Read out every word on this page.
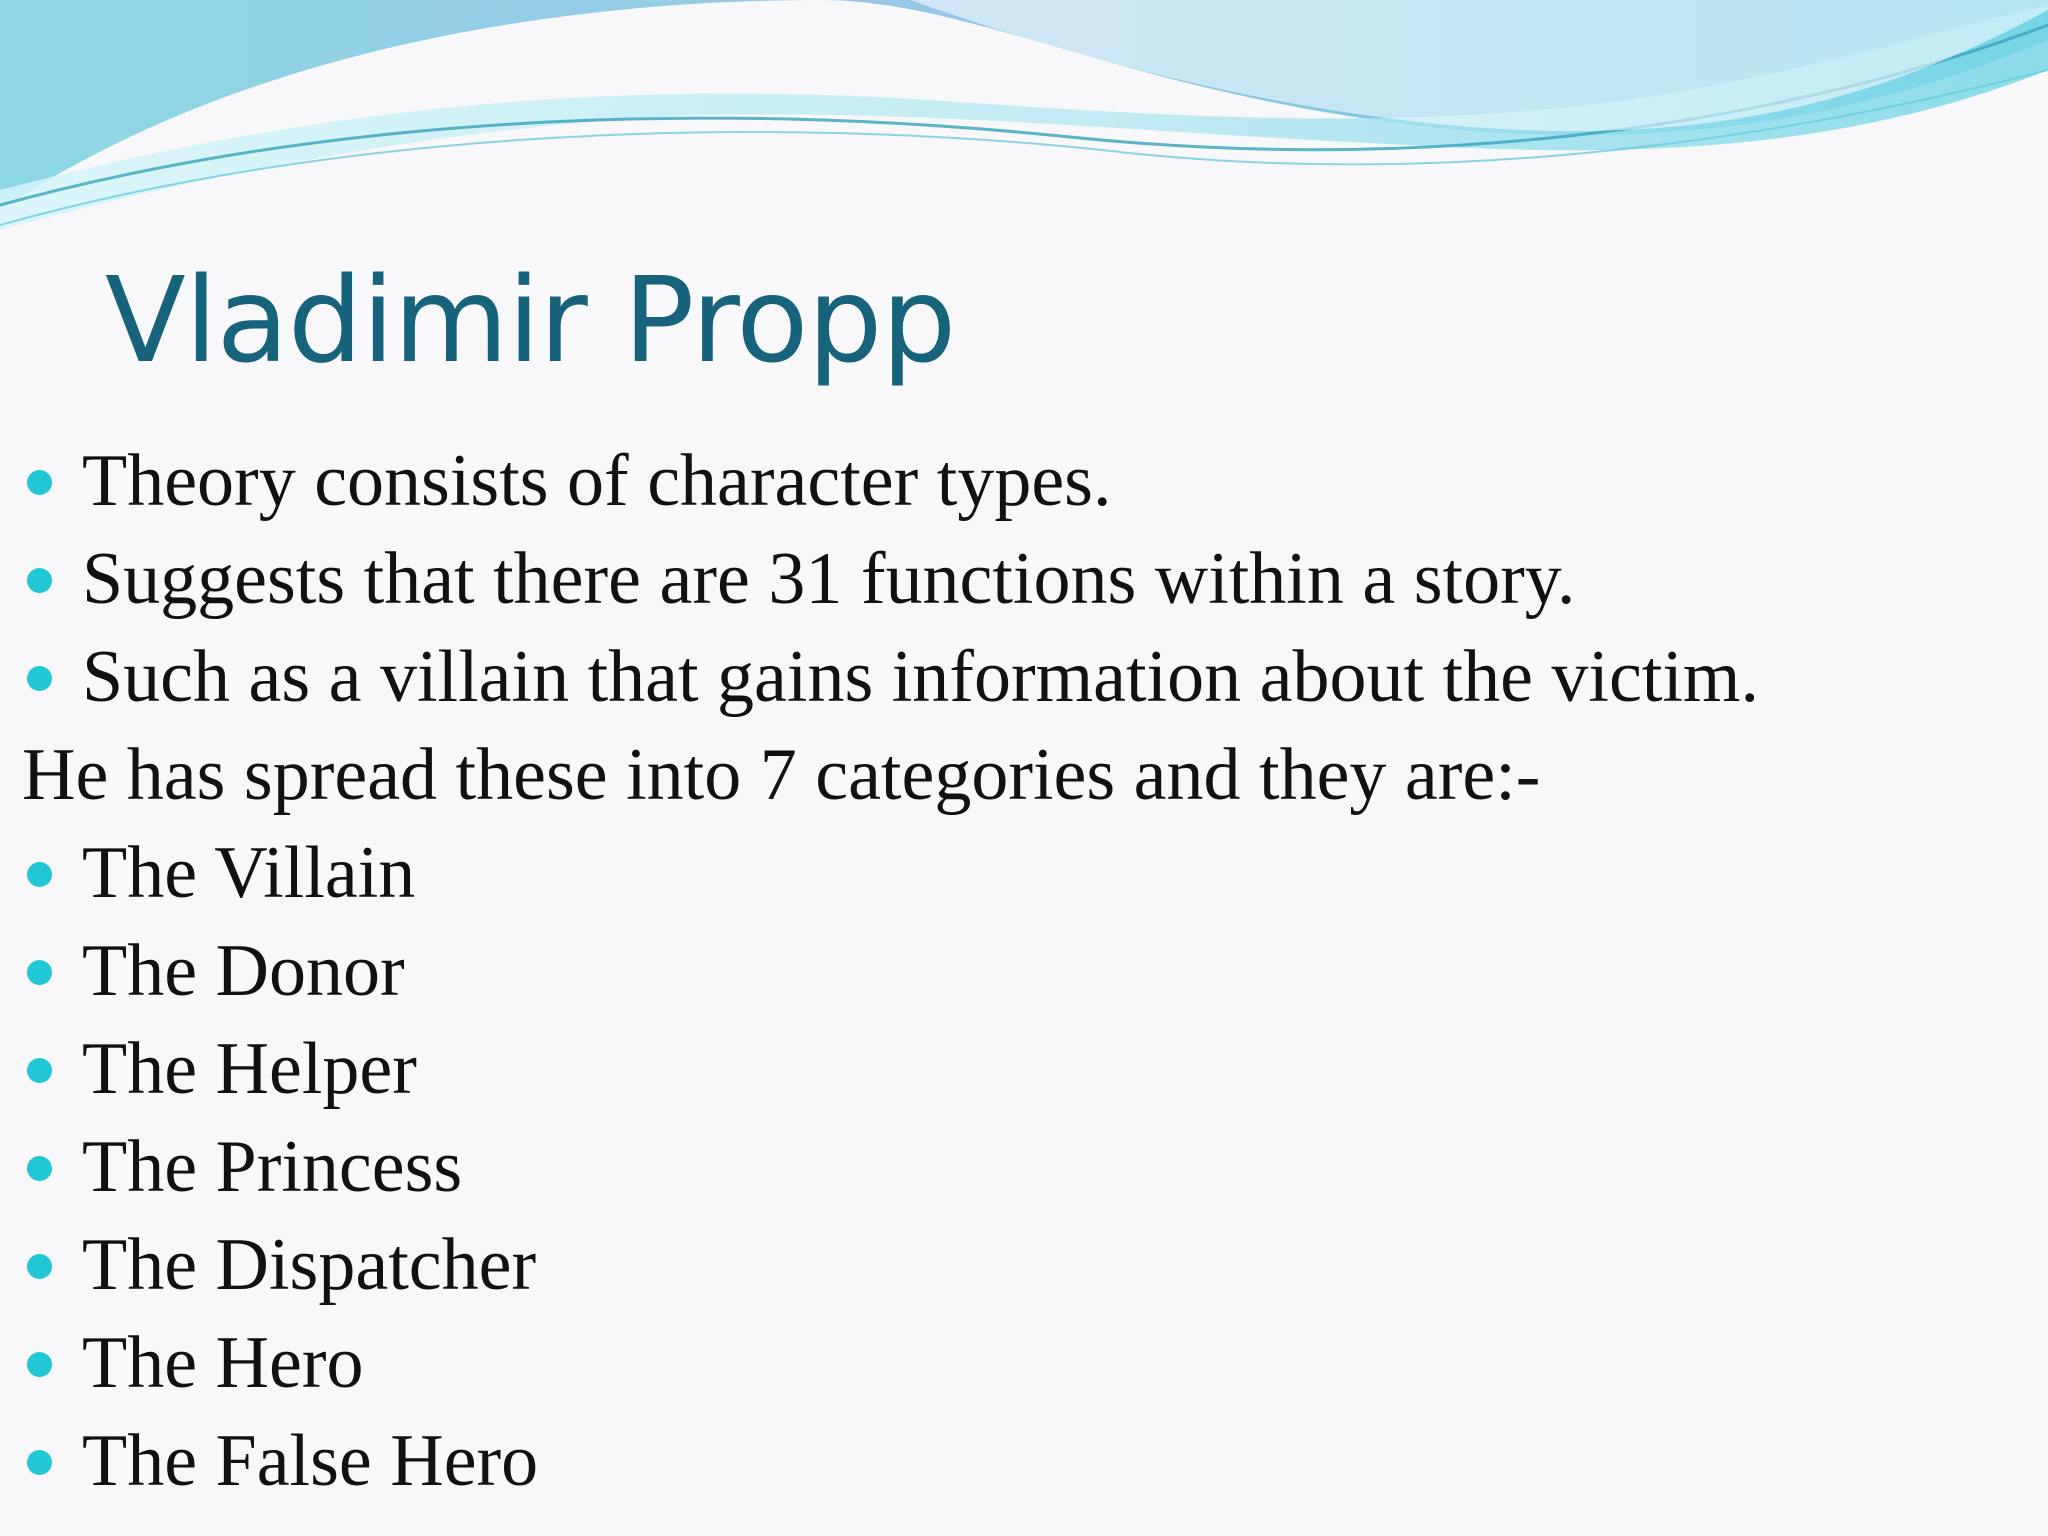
Vladimir Propp
Theory consists of character types.
Suggests that there are 31 functions within a story.
Such as a villain that gains information about the victim.
He has spread these into 7 categories and they are:-
The Villain
The Donor
The Helper
The Princess
The Dispatcher
The Hero
The False Hero
